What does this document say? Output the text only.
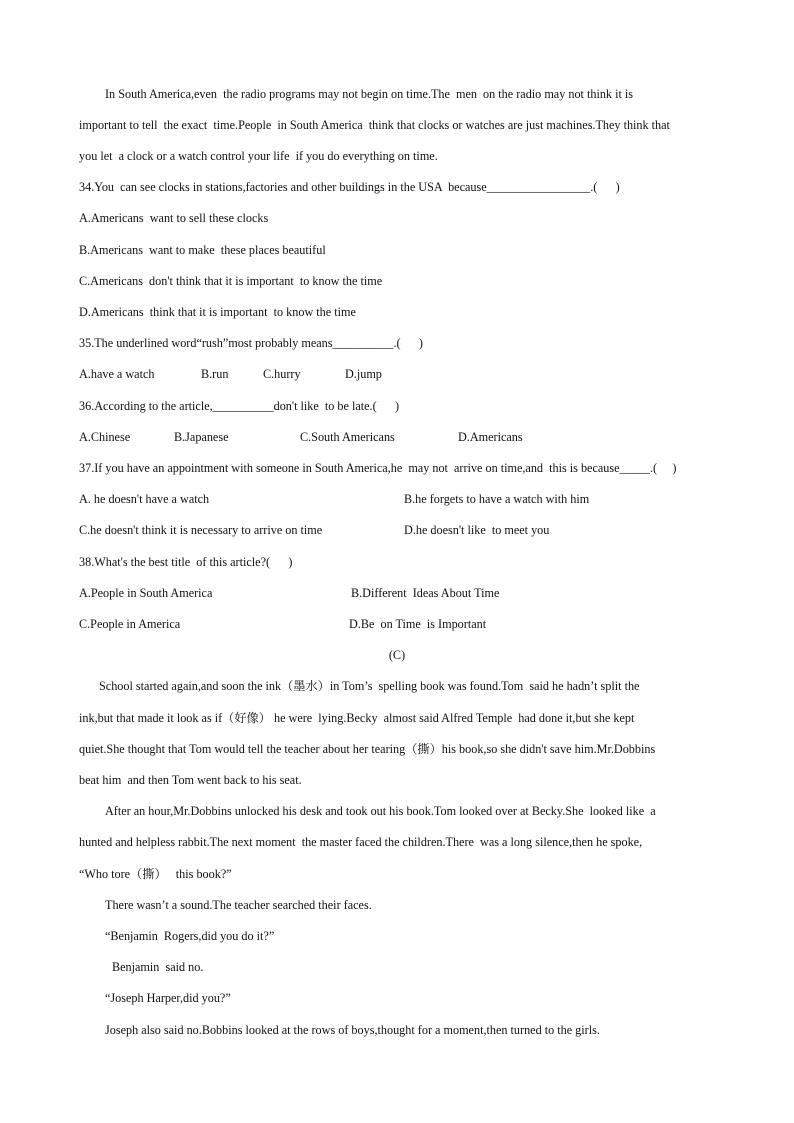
In South America,even  the radio programs may not begin on time.The  men  on the radio may not think it is
important to tell  the exact  time.People  in South America  think that clocks or watches are just machines.They think that
you let  a clock or a watch control your life  if you do everything on time.
34.You  can see clocks in stations,factories and other buildings in the USA  because_________________.(      )
A.Americans  want to sell these clocks
B.Americans  want to make  these places beautiful
C.Americans  don't think that it is important  to know the time
D.Americans  think that it is important  to know the time
35.The underlined word“rush”most probably means__________.(      )
A.have a watch	B.run	C.hurry	D.jump
36.According to the article,__________don't like  to be late.(      )
A.Chinese	B.Japanese	C.South Americans	D.Americans
37.If you have an appointment with someone in South America,he  may not  arrive on time,and  this is because_____.(     )
A. he doesn't have a watch	B.he forgets to have a watch with him
C.he doesn't think it is necessary to arrive on time	D.he doesn't like  to meet you
38.What's the best title  of this article?(      )
A.People in South America	B.Different  Ideas About Time
C.People in America	D.Be  on Time  is Important
(C)
School started again,and soon the ink（墨水）in Tom’s  spelling book was found.Tom  said he hadn’t split the
ink,but that made it look as if（好像） he were  lying.Becky  almost said Alfred Temple  had done it,but she kept
quiet.She thought that Tom would tell the teacher about her tearing（撕）his book,so she didn't save him.Mr.Dobbins
beat him  and then Tom went back to his seat.
After an hour,Mr.Dobbins unlocked his desk and took out his book.Tom looked over at Becky.She  looked like  a
hunted and helpless rabbit.The next moment  the master faced the children.There  was a long silence,then he spoke,
“Who tore（撕）   this book?”
There wasn’t a sound.The teacher searched their faces.
“Benjamin  Rogers,did you do it?”
Benjamin  said no.
“Joseph Harper,did you?”
Joseph also said no.Bobbins looked at the rows of boys,thought for a moment,then turned to the girls.
